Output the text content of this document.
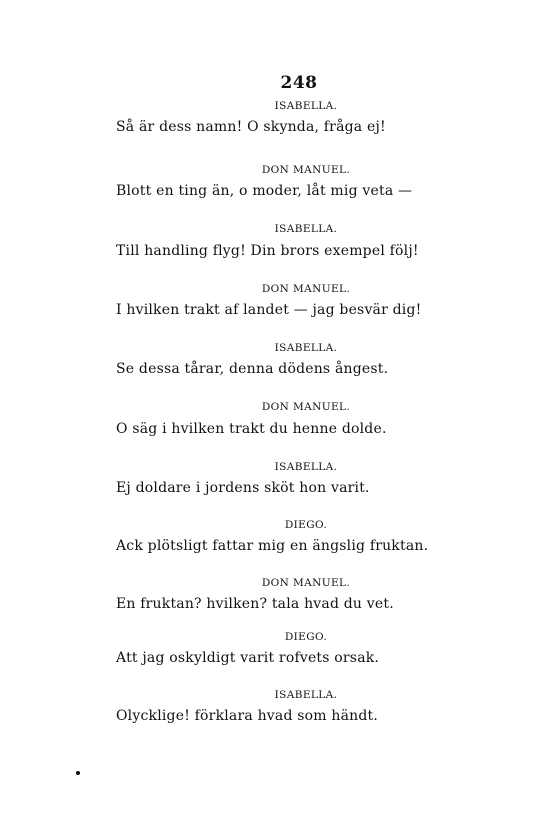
248
ISABELLA.
Så är dess namn! O skynda, fråga ej!
DON MANUEL.
Blott en ting än, o moder, låt mig veta —
ISABELLA.
Till handling flyg! Din brors exempel följ!
DON MANUEL.
I hvilken trakt af landet — jag besvär dig!
ISABELLA.
Se dessa tårar, denna dödens ångest.
DON MANUEL.
O säg i hvilken trakt du henne dolde.
ISABELLA.
Ej doldare i jordens sköt hon varit.
DIEGO.
Ack plötsligt fattar mig en ängslig fruktan.
DON MANUEL.
En fruktan? hvilken? tala hvad du vet.
DIEGO.
Att jag oskyldigt varit rofvets orsak.
ISABELLA.
Olycklige! förklara hvad som händt.
